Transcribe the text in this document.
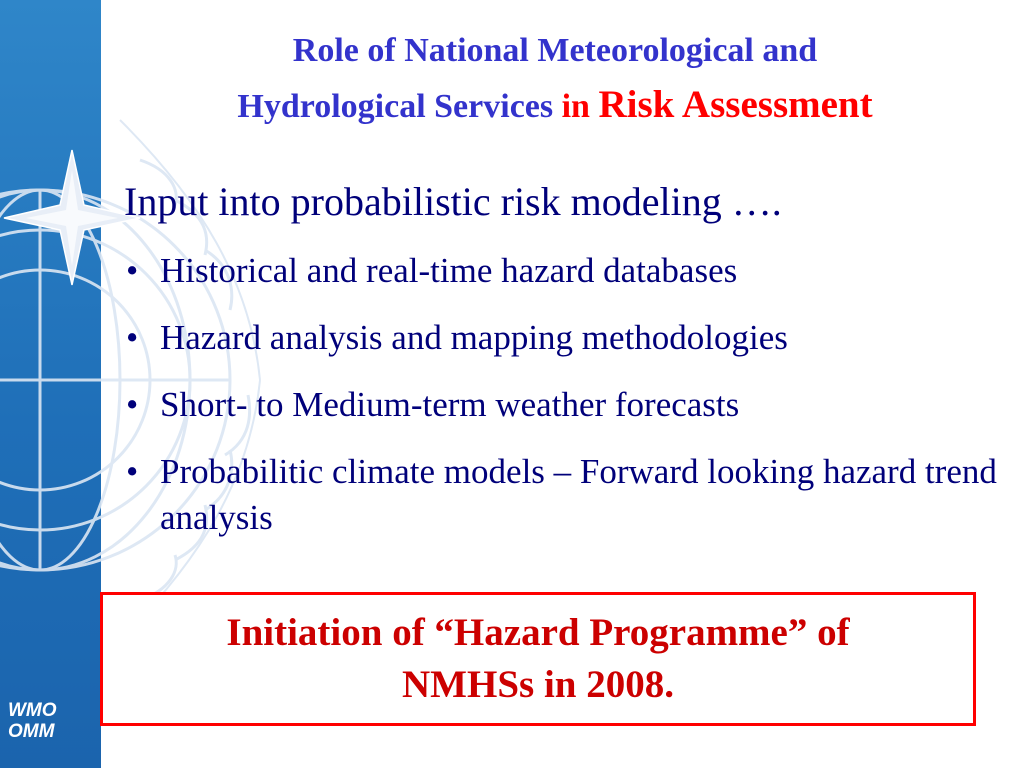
WMO
OMM
Role of National Meteorological and
Hydrological Services in Risk Assessment
Input into probabilistic risk modeling ….
• Historical and real-time hazard databases
• Hazard analysis and mapping methodologies
• Short- to Medium-term weather forecasts
• Probabilitic climate models – Forward looking hazard trend analysis
Initiation of “Hazard Programme” of
NMHSs in 2008.
